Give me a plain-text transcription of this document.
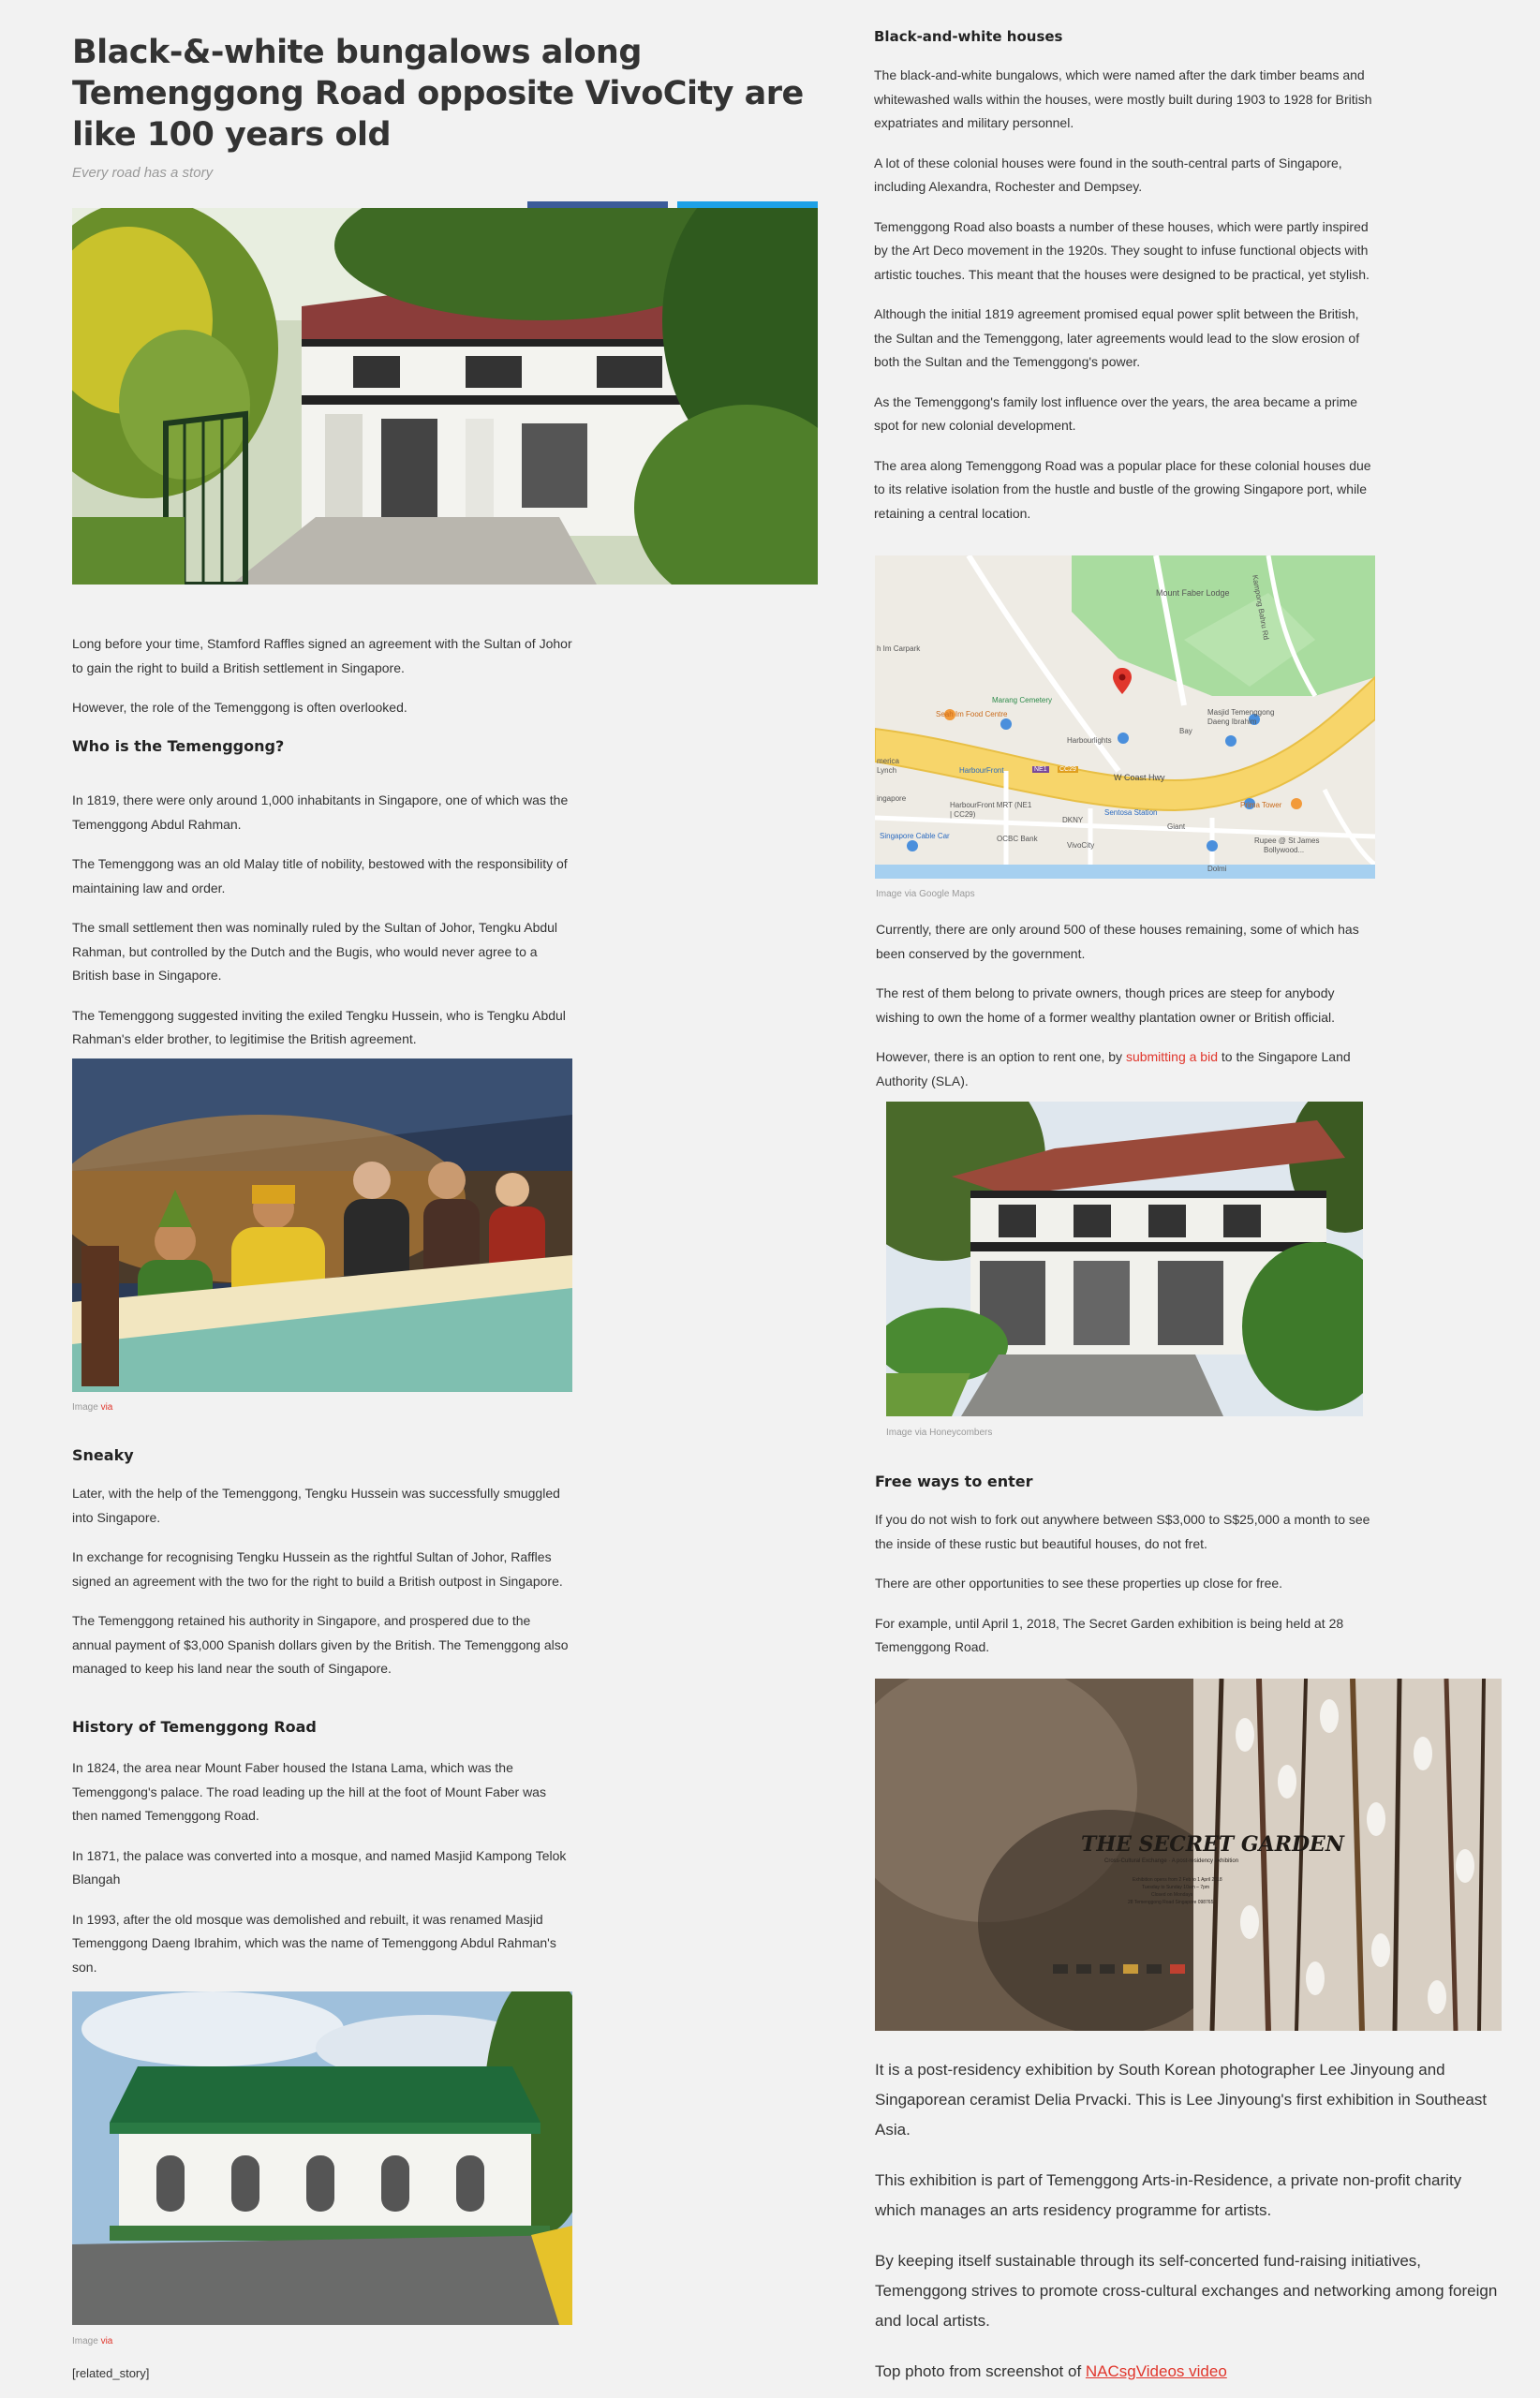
Black-&-white bungalows along Temenggong Road opposite VivoCity are like 100 years old
Every road has a story

Long before your time, Stamford Raffles signed an agreement with the Sultan of Johor to gain the right to build a British settlement in Singapore.

However, the role of the Temenggong is often overlooked.

Who is the Temenggong?

In 1819, there were only around 1,000 inhabitants in Singapore, one of which was the Temenggong Abdul Rahman.

The Temenggong was an old Malay title of nobility, bestowed with the responsibility of maintaining law and order.

The small settlement then was nominally ruled by the Sultan of Johor, Tengku Abdul Rahman, but controlled by the Dutch and the Bugis, who would never agree to a British base in Singapore.

The Temenggong suggested inviting the exiled Tengku Hussein, who is Tengku Abdul Rahman's elder brother, to legitimise the British agreement.

Image via
Sneaky

Later, with the help of the Temenggong, Tengku Hussein was successfully smuggled into Singapore.

In exchange for recognising Tengku Hussein as the rightful Sultan of Johor, Raffles signed an agreement with the two for the right to build a British outpost in Singapore.

The Temenggong retained his authority in Singapore, and prospered due to the annual payment of $3,000 Spanish dollars given by the British. The Temenggong also managed to keep his land near the south of Singapore.

History of Temenggong Road

In 1824, the area near Mount Faber housed the Istana Lama, which was the Temenggong's palace. The road leading up the hill at the foot of Mount Faber was then named Temenggong Road.

In 1871, the palace was converted into a mosque, and named Masjid Kampong Telok Blangah

In 1993, after the old mosque was demolished and rebuilt, it was renamed Masjid Temenggong Daeng Ibrahim, which was the name of Temenggong Abdul Rahman's son.

Image via
[related_story]
Black-and-white houses

The black-and-white bungalows, which were named after the dark timber beams and whitewashed walls within the houses, were mostly built during 1903 to 1928 for British expatriates and military personnel.

A lot of these colonial houses were found in the south-central parts of Singapore, including Alexandra, Rochester and Dempsey.

Temenggong Road also boasts a number of these houses, which were partly inspired by the Art Deco movement in the 1920s. They sought to infuse functional objects with artistic touches. This meant that the houses were designed to be practical, yet stylish.

Although the initial 1819 agreement promised equal power split between the British, the Sultan and the Temenggong, later agreements would lead to the slow erosion of both the Sultan and the Temenggong's power.

As the Temenggong's family lost influence over the years, the area became a prime spot for new colonial development.

The area along Temenggong Road was a popular place for these colonial houses due to its relative isolation from the hustle and bustle of the growing Singapore port, while retaining a central location.

Mount Faber Lodge	Kampong Bahru Rd
h Im Carpark
Marang Cemetery
Seah Im Food Centre	Masjid Temenggong Daeng Ibrahim
Harbourlights
Bay
W Coast Hwy
HarbourFront
HarbourFront MRT (NE1 | CC29)	Sentosa Station
Giant
DKNY
VivoCity
Prima Tower
Rupee @ St James
Bollywood...
OCBC Bank
Singapore Cable Car
merica
Lynch
ingapore
Dolmi
NE1 CC29
Image via Google Maps

Currently, there are only around 500 of these houses remaining, some of which has been conserved by the government.

The rest of them belong to private owners, though prices are steep for anybody wishing to own the home of a former wealthy plantation owner or British official.

However, there is an option to rent one, by submitting a bid to the Singapore Land Authority (SLA).

Image via Honeycombers
Free ways to enter

If you do not wish to fork out anywhere between S$3,000 to S$25,000 a month to see the inside of these rustic but beautiful houses, do not fret.

There are other opportunities to see these properties up close for free.

For example, until April 1, 2018, The Secret Garden exhibition is being held at 28 Temenggong Road.

THE SECRET GARDEN
Cross-Cultural Exchange · A post-residency exhibition
Exhibition opens from 2 Feb to 1 April 2018
Tuesday to Sunday 10am – 7pm
Closed on Mondays
28 Temenggong Road Singapore 098765

It is a post-residency exhibition by South Korean photographer Lee Jinyoung and Singaporean ceramist Delia Prvacki. This is Lee Jinyoung's first exhibition in Southeast Asia.

This exhibition is part of Temenggong Arts-in-Residence, a private non-profit charity which manages an arts residency programme for artists.

By keeping itself sustainable through its self-concerted fund-raising initiatives, Temenggong strives to promote cross-cultural exchanges and networking among foreign and local artists.

Top photo from screenshot of NACsgVideos video
